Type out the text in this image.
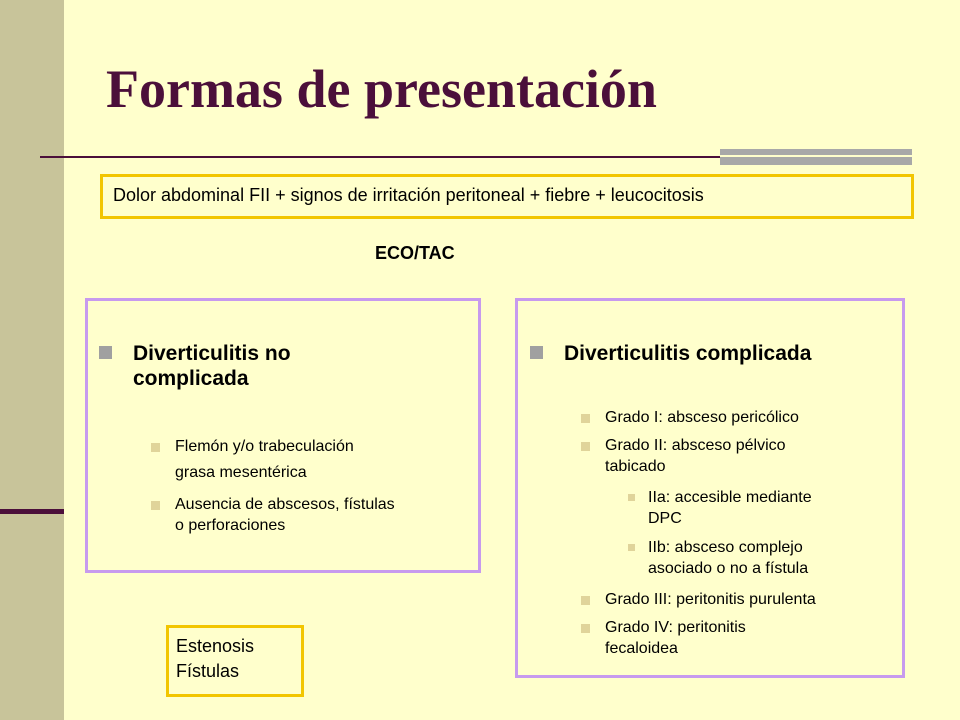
Formas de presentación
Dolor abdominal FII + signos de irritación peritoneal + fiebre + leucocitosis
ECO/TAC
Diverticulitis no
complicada
Flemón y/o trabeculación
grasa mesentérica
Ausencia de abscesos, fístulas
o perforaciones
Diverticulitis complicada
Grado I: absceso pericólico
Grado II: absceso pélvico
tabicado
IIa: accesible mediante
DPC
IIb: absceso complejo
asociado o no a fístula
Grado III: peritonitis purulenta
Grado IV: peritonitis
fecaloidea
Estenosis
Fístulas
